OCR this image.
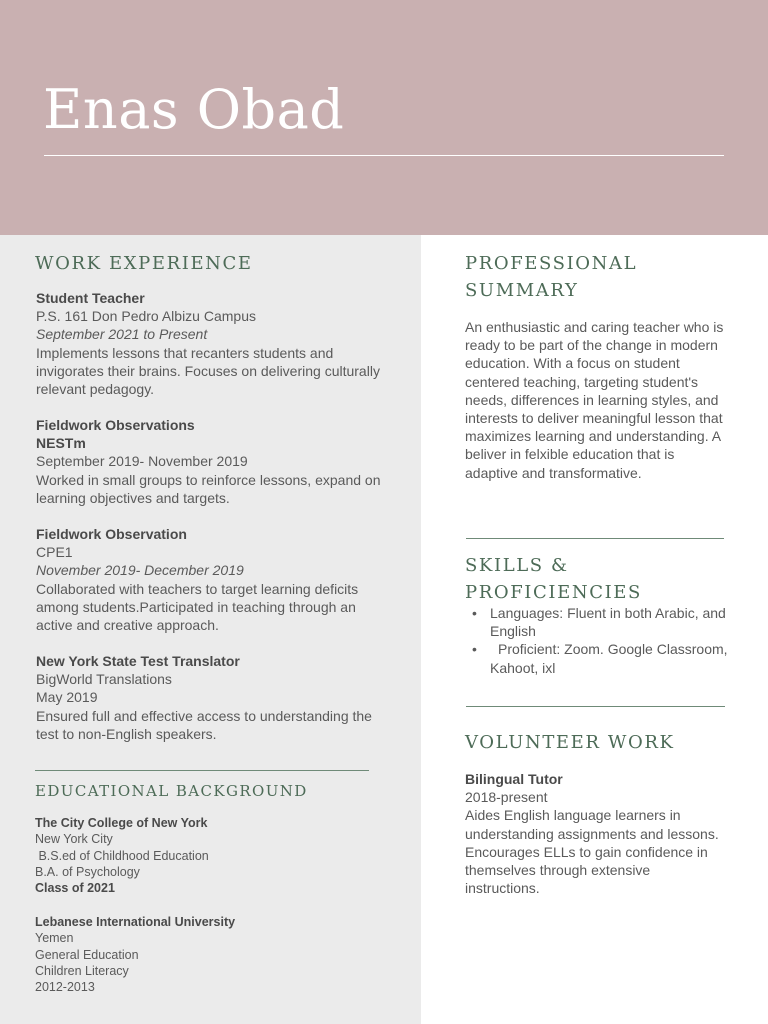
Enas Obad
WORK EXPERIENCE
Student Teacher
P.S. 161 Don Pedro Albizu Campus
September 2021 to Present
Implements lessons that recanters students and
invigorates their brains. Focuses on delivering culturally
relevant pedagogy.
Fieldwork Observations
NESTm
September 2019- November 2019
Worked in small groups to reinforce lessons, expand on
learning objectives and targets.
Fieldwork Observation
CPE1
November 2019- December 2019
Collaborated with teachers to target learning deficits
among students.Participated in teaching through an
active and creative approach.
New York State Test Translator
BigWorld Translations
May 2019
Ensured full and effective access to understanding the
test to non-English speakers.
EDUCATIONAL BACKGROUND
The City College of New York
New York City
B.S.ed of Childhood Education
B.A. of Psychology
Class of 2021
Lebanese International University
Yemen
General Education
Children Literacy
2012-2013
PROFESSIONAL
SUMMARY

An enthusiastic and caring teacher who is ready to be part of the change in modern education. With a focus on student centered teaching, targeting student's needs, differences in learning styles, and interests to deliver meaningful lesson that maximizes learning and understanding. A beliver in felxible education that is adaptive and transformative.

SKILLS &
PROFICIENCIES
• Languages: Fluent in both Arabic, and English
•	Proficient: Zoom. Google Classroom, Kahoot, ixl
VOLUNTEER WORK
Bilingual Tutor
2018-present
Aides English language learners in understanding assignments and lessons. Encourages ELLs to gain confidence in themselves through extensive instructions.
